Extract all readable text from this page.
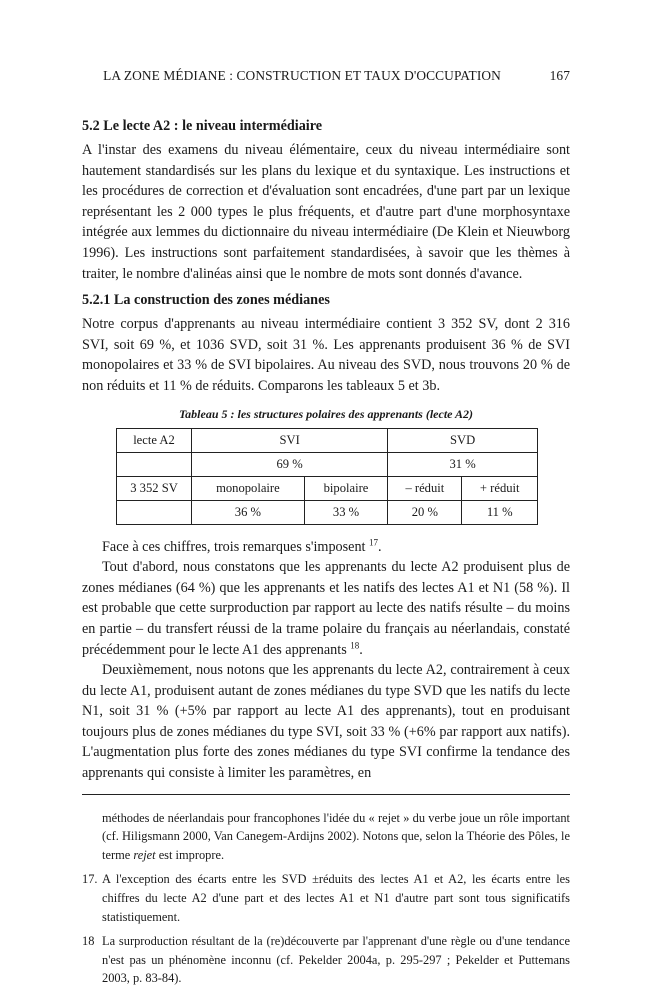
LA ZONE MÉDIANE : CONSTRUCTION ET TAUX D'OCCUPATION	167
5.2 Le lecte A2 : le niveau intermédiaire

A l'instar des examens du niveau élémentaire, ceux du niveau intermédiaire sont hautement standardisés sur les plans du lexique et du syntaxique. Les instructions et les procédures de correction et d'évaluation sont encadrées, d'une part par un lexique représentant les 2 000 types le plus fréquents, et d'autre part d'une morphosyntaxe intégrée aux lemmes du dictionnaire du niveau intermédiaire (De Klein et Nieuwborg 1996). Les instructions sont parfaitement standardisées, à savoir que les thèmes à traiter, le nombre d'alinéas ainsi que le nombre de mots sont donnés d'avance.

5.2.1 La construction des zones médianes

Notre corpus d'apprenants au niveau intermédiaire contient 3 352 SV, dont 2 316 SVI, soit 69 %, et 1036 SVD, soit 31 %. Les apprenants produisent 36 % de SVI monopolaires et 33 % de SVI bipolaires. Au niveau des SVD, nous trouvons 20 % de non réduits et 11 % de réduits. Comparons les tableaux 5 et 3b.

Tableau 5 : les structures polaires des apprenants (lecte A2)
lecte A2	SVI		SVD	
	69 %		31 %	
3 352 SV	monopolaire	bipolaire	– réduit	+ réduit
	36 %	33 %	20 %	11 %

Face à ces chiffres, trois remarques s'imposent $^{17}$.

Tout d'abord, nous constatons que les apprenants du lecte A2 produisent plus de zones médianes (64 %) que les apprenants et les natifs des lectes A1 et N1 (58 %). Il est probable que cette surproduction par rapport au lecte des natifs résulte – du moins en partie – du transfert réussi de la trame polaire du français au néerlandais, constaté précédemment pour le lecte A1 des apprenants $^{18}$.

Deuxièmement, nous notons que les apprenants du lecte A2, contrairement à ceux du lecte A1, produisent autant de zones médianes du type SVD que les natifs du lecte N1, soit 31 % (+5% par rapport au lecte A1 des apprenants), tout en produisant toujours plus de zones médianes du type SVI, soit 33 % (+6% par rapport aux natifs). L'augmentation plus forte des zones médianes du type SVI confirme la tendance des apprenants qui consiste à limiter les paramètres, en

méthodes de néerlandais pour francophones l'idée du « rejet » du verbe joue un rôle important (cf. Hiligsmann 2000, Van Canegem-Ardijns 2002). Notons que, selon la Théorie des Pôles, le terme rejet est impropre.
17. A l'exception des écarts entre les SVD ±réduits des lectes A1 et A2, les écarts entre les chiffres du lecte A2 d'une part et des lectes A1 et N1 d'autre part sont tous significatifs statistiquement.
18 La surproduction résultant de la (re)découverte par l'apprenant d'une règle ou d'une tendance n'est pas un phénomène inconnu (cf. Pekelder 2004a, p. 295-297 ; Pekelder et Puttemans 2003, p. 83-84).
